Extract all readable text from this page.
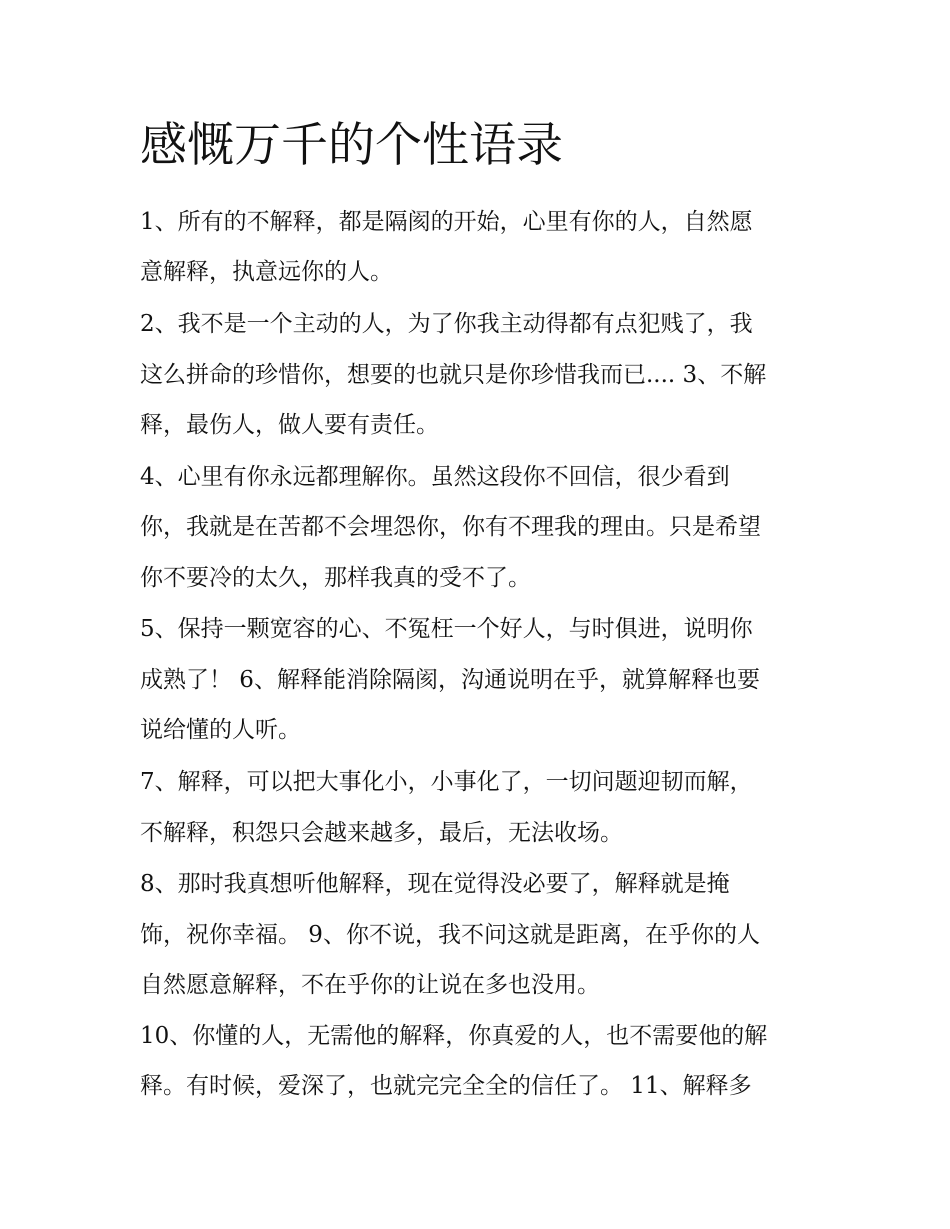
感慨万千的个性语录

1、所有的不解释，都是隔阂的开始，心里有你的人，自然愿

意解释，执意远你的人。

2、我不是一个主动的人，为了你我主动得都有点犯贱了，我

这么拼命的珍惜你，想要的也就只是你珍惜我而已.... 3、不解

释，最伤人，做人要有责任。

4、心里有你永远都理解你。虽然这段你不回信，很少看到

你，我就是在苦都不会埋怨你，你有不理我的理由。只是希望

你不要冷的太久，那样我真的受不了。

5、保持一颗宽容的心、不冤枉一个好人，与时俱进，说明你

成熟了！ 6、解释能消除隔阂，沟通说明在乎，就算解释也要

说给懂的人听。

7、解释，可以把大事化小，小事化了，一切问题迎韧而解，

不解释，积怨只会越来越多，最后，无法收场。

8、那时我真想听他解释，现在觉得没必要了，解释就是掩

饰，祝你幸福。 9、你不说，我不问这就是距离，在乎你的人

自然愿意解释，不在乎你的让说在多也没用。

10、你懂的人，无需他的解释，你真爱的人，也不需要他的解

释。有时候，爱深了，也就完完全全的信任了。 11、解释多
